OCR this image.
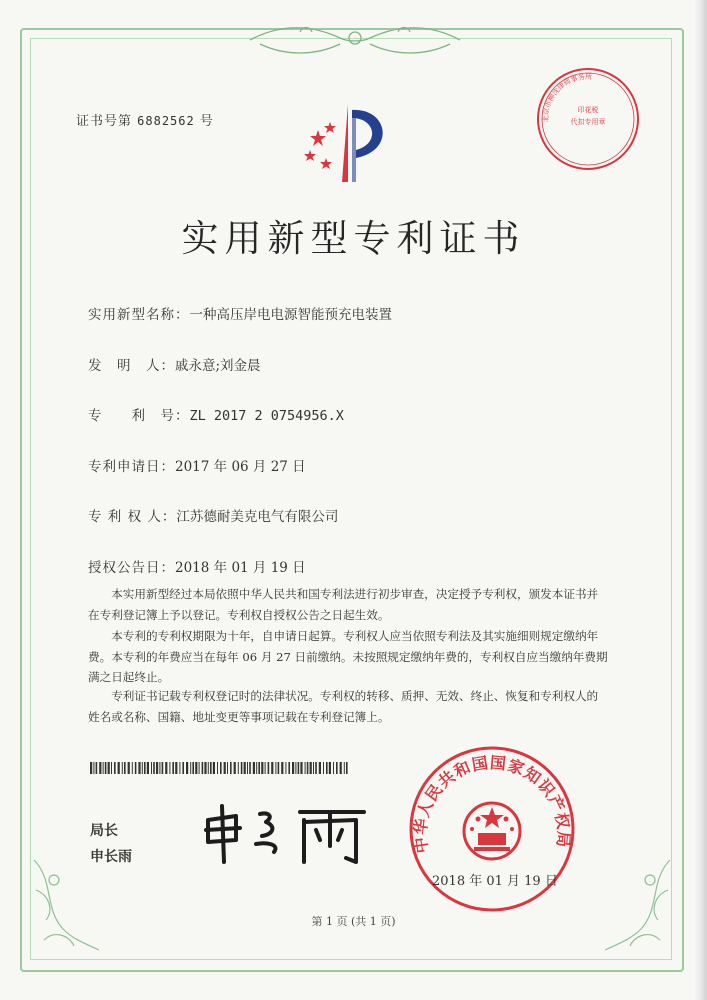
证书号第 6882562 号
实用新型专利证书
实用新型名称：一种高压岸电电源智能预充电装置
发　明　人：戚永意;刘金晨
专　　利　号：ZL 2017 2 0754956.X
专利申请日：2017 年 06 月 27 日
专 利 权 人：江苏德耐美克电气有限公司
授权公告日：2018 年 01 月 19 日
本实用新型经过本局依照中华人民共和国专利法进行初步审查，决定授予专利权，颁发本证书并在专利登记簿上予以登记。专利权自授权公告之日起生效。
本专利的专利权期限为十年，自申请日起算。专利权人应当依照专利法及其实施细则规定缴纳年费。本专利的年费应当在每年 06 月 27 日前缴纳。未按照规定缴纳年费的，专利权自应当缴纳年费期满之日起终止。
专利证书记载专利权登记时的法律状况。专利权的转移、质押、无效、终止、恢复和专利权人的姓名或名称、国籍、地址变更等事项记载在专利登记簿上。
局长
申长雨
印花税
代扣专用章
北京市柳沈律师事务所
中华人民共和国国家知识产权局
2018 年 01 月 19 日
第 1 页 (共 1 页)
